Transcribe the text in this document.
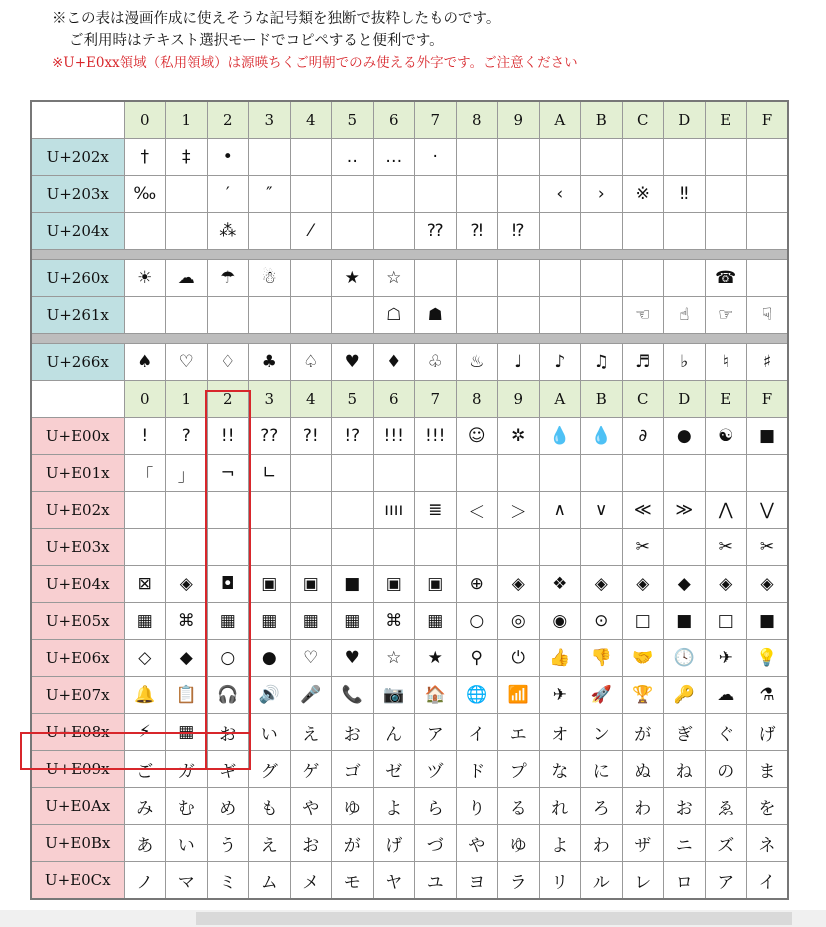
※この表は漫画作成に使えそうな記号類を独断で抜粋したものです。
ご利用時はテキスト選択モードでコピペすると便利です。
※U+E0xx領域（私用領域）は源暎ちくご明朝でのみ使える外字です。ご注意ください
	0	1	2	3	4	5	6	7	8	9	A	B	C	D	E	F
U+202x	†	‡	•			‥	…	‧								
U+203x	‰		′	″							‹	›	※	‼		
U+204x			⁂		⁄			⁇	⁈	⁉						

U+260x	☀	☁	☂	☃		★	☆								☎	
U+261x							☖	☗					☜	☝	☞	☟

U+266x	♠	♡	♢	♣	♤	♥	♦	♧	♨	♩	♪	♫	♬	♭	♮	♯
	0	1	2	3	4	5	6	7	8	9	A	B	C	D	E	F
U+E00x	!	?	!!	??	?!	!?	!!!	!!!	☺	✲	💧	💧	∂	●	☯	■
U+E01x	「	」	¬	∟												
U+E02x							ıııı	≣	＜	＞	∧	∨	≪	≫	⋀	⋁
U+E03x													✂		✂	✂
U+E04x	⊠	◈	◘	▣	▣	■	▣	▣	⊕	◈	❖	◈	◈	◆	◈	◈
U+E05x	▦	⌘	▦	▦	▦	▦	⌘	▦	○	◎	◉	⊙	□	■	□	■
U+E06x	◇	◆	○	●	♡	♥	☆	★	⚲	⏻	👍	👎	🤝	🕓	✈	💡
U+E07x	🔔	📋	🎧	🔊	🎤	📞	📷	🏠	🌐	📶	✈	🚀	🏆	🔑	☁	⚗
U+E08x	⚡	▦	お	い	え	お	ん	ア	イ	エ	オ	ン	が	ぎ	ぐ	げ
U+E09x	ご	ガ	ギ	グ	ゲ	ゴ	ゼ	ヅ	ド	プ	な	に	ぬ	ね	の	ま
U+E0Ax	み	む	め	も	や	ゆ	よ	ら	り	る	れ	ろ	わ	お	ゑ	を
U+E0Bx	あ	い	う	え	お	が	げ	づ	や	ゆ	よ	わ	ザ	ニ	ズ	ネ
U+E0Cx	ノ	マ	ミ	ム	メ	モ	ヤ	ユ	ヨ	ラ	リ	ル	レ	ロ	ア	イ
